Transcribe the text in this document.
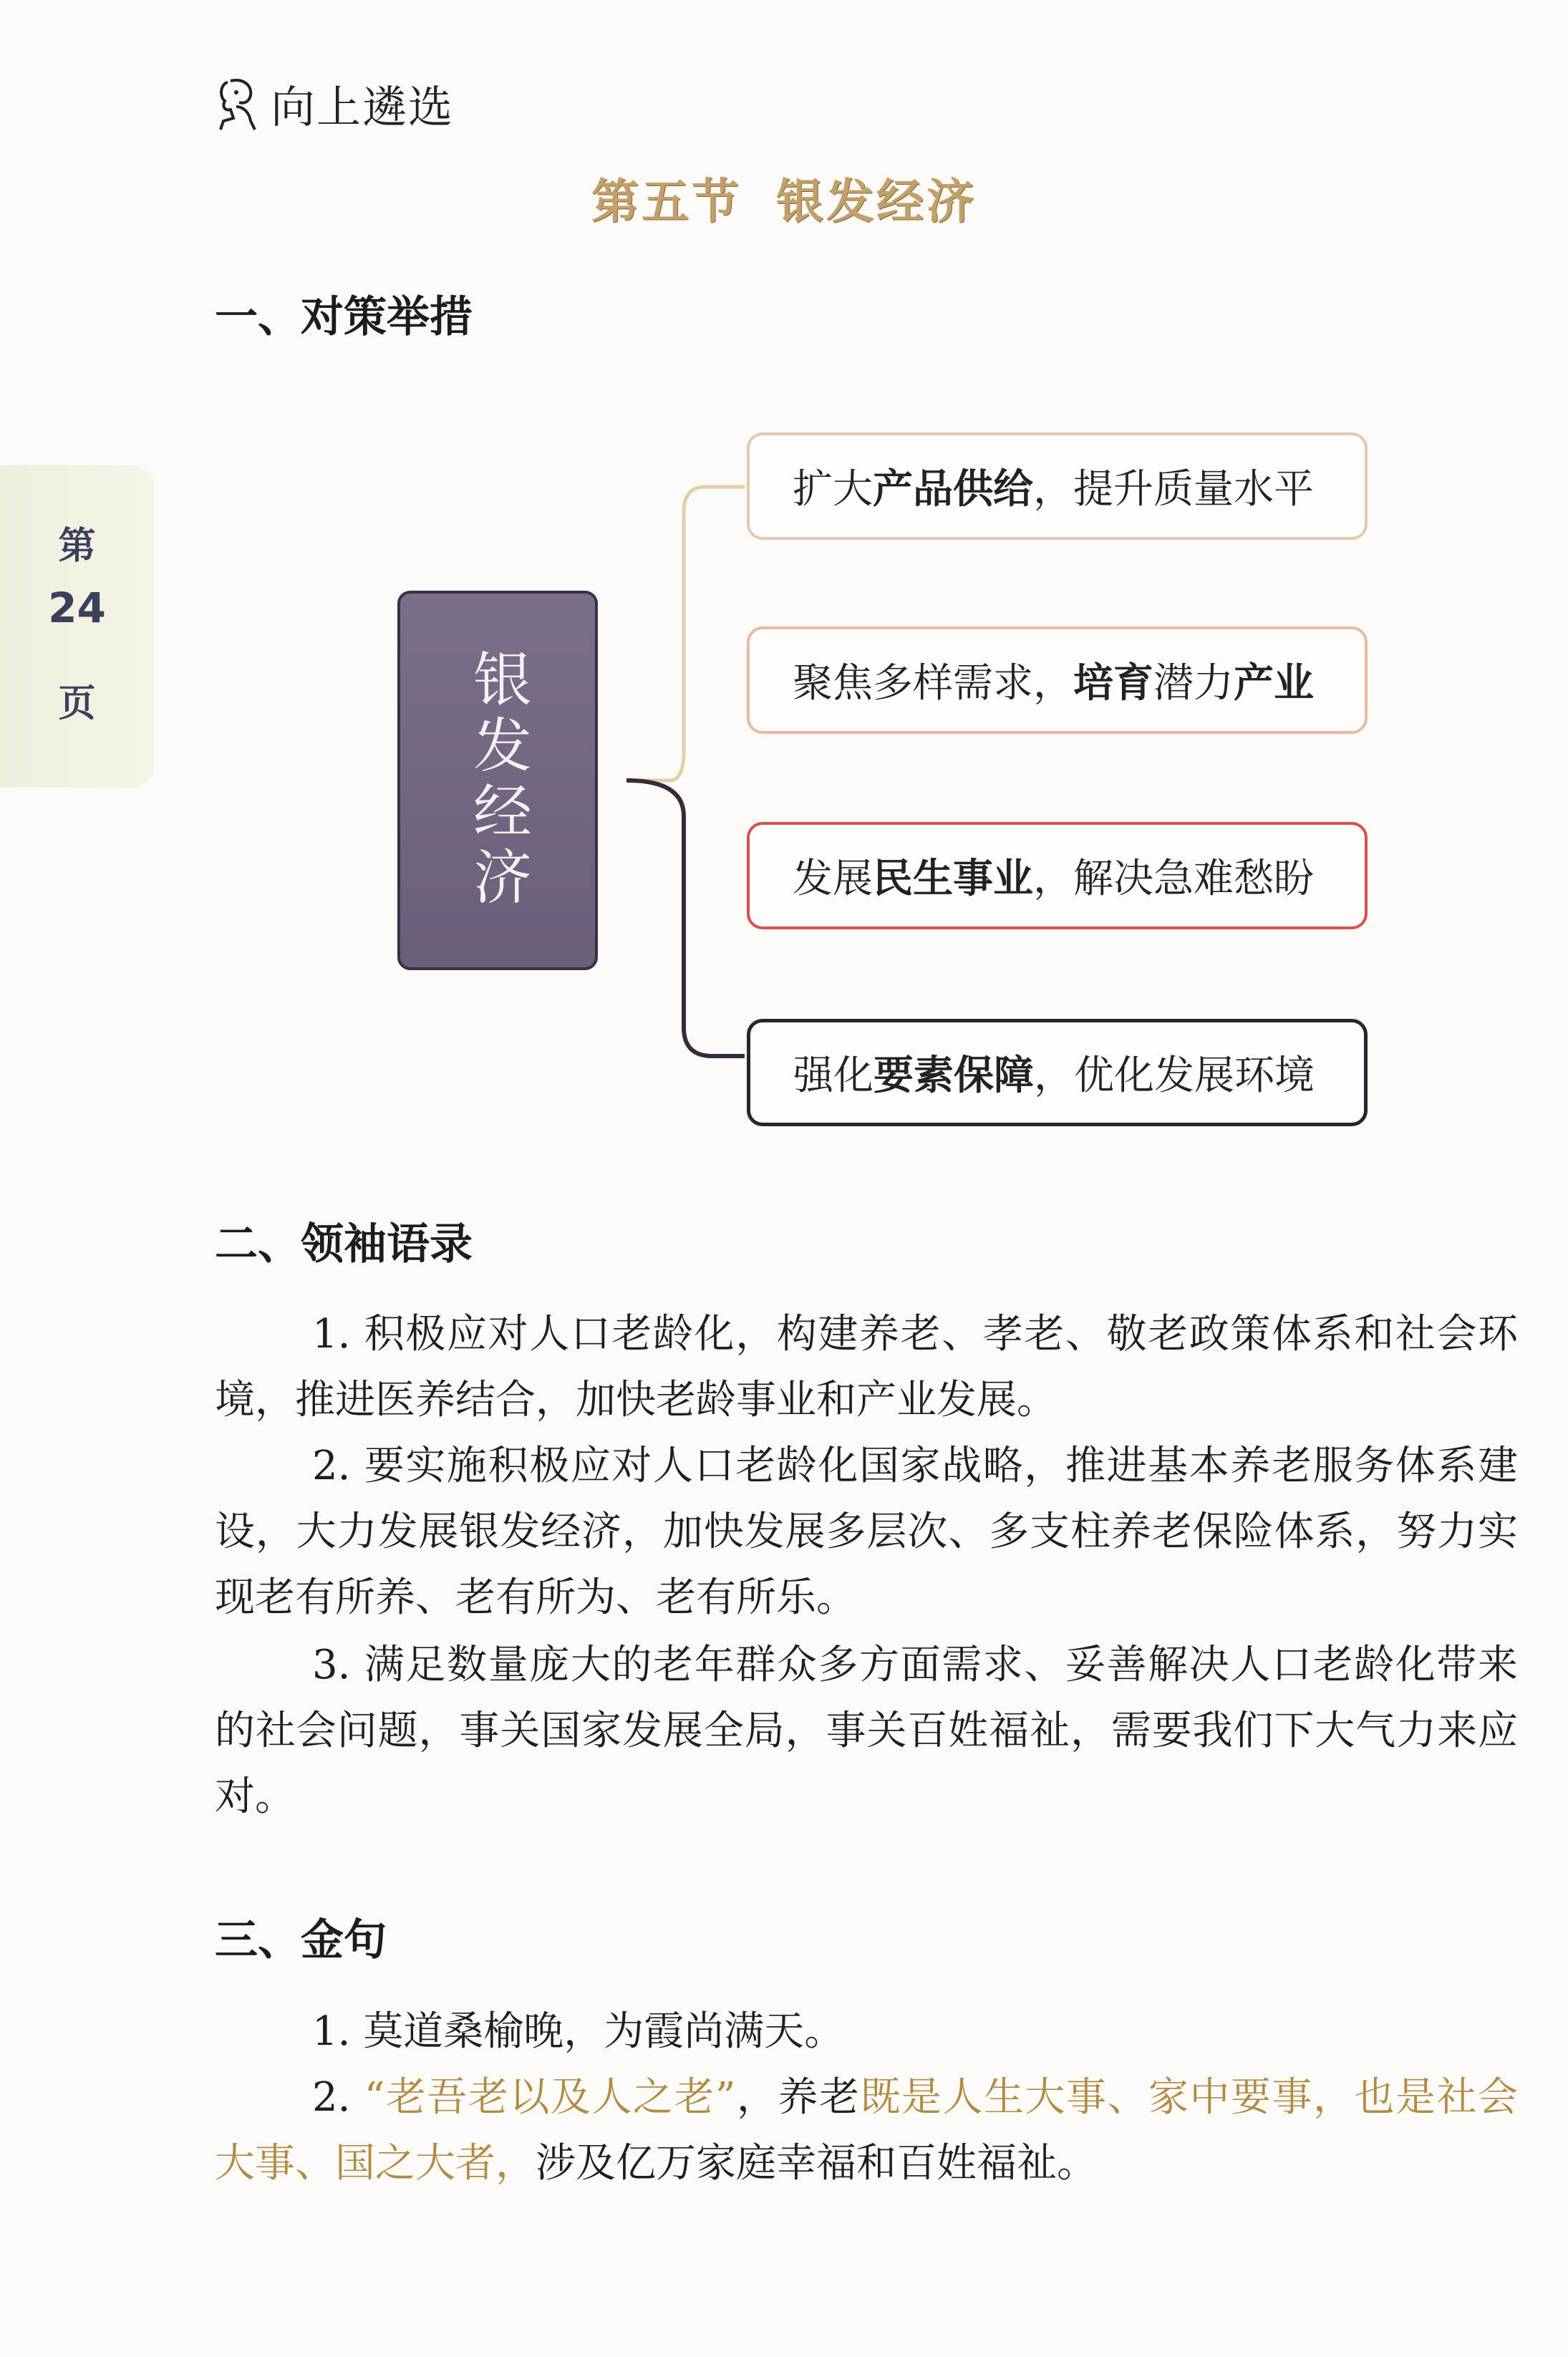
向上遴选
第五节 银发经济
第
24
页
一、对策举措
银发经济
扩大 产品供给 ，提升质量水平
聚焦多样需求， 培育 潜力 产业
发展 民生事业 ，解决急难愁盼
强化 要素保障 ，优化发展环境
二、领袖语录
1. 积极应对人口老龄化，构建养老、孝老、敬老政策体系和社会环境，推进医养结合，加快老龄事业和产业发展。
2. 要实施积极应对人口老龄化国家战略，推进基本养老服务体系建设，大力发展银发经济，加快发展多层次、多支柱养老保险体系，努力实现老有所养、老有所为、老有所乐。
3. 满足数量庞大的老年群众多方面需求、妥善解决人口老龄化带来的社会问题，事关国家发展全局，事关百姓福祉，需要我们下大气力来应对。
三、金句
1. 莫道桑榆晚，为霞尚满天。
2. “老吾老以及人之老”，养老既是人生大事、家中要事，也是社会大事、国之大者，涉及亿万家庭幸福和百姓福祉。
